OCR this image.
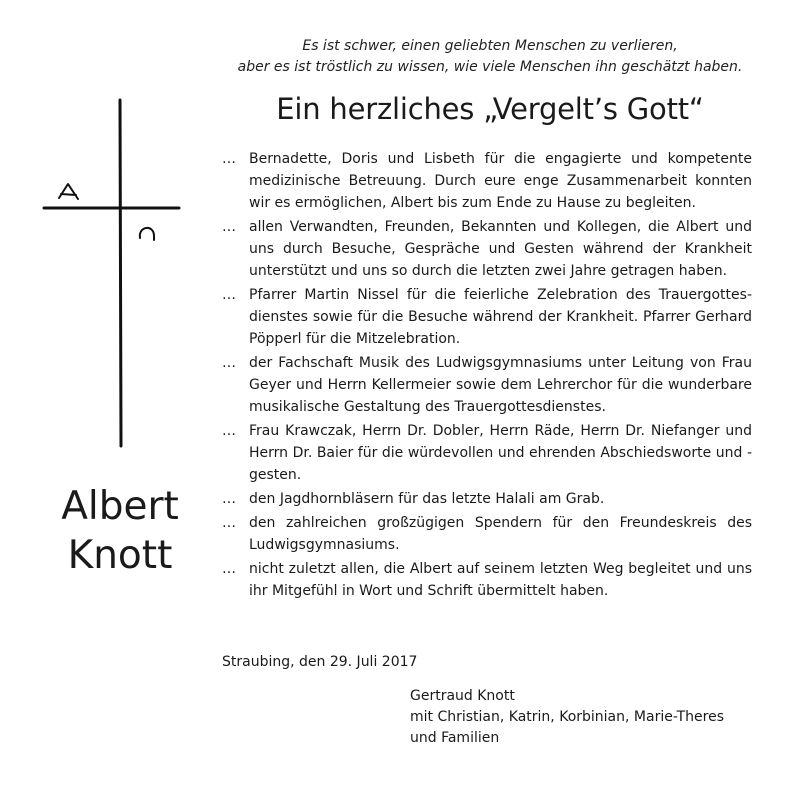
Es ist schwer, einen geliebten Menschen zu verlieren,
aber es ist tröstlich zu wissen, wie viele Menschen ihn geschätzt haben.
Ein herzliches „Vergelt’s Gott“
Albert
Knott
… Bernadette, Doris und Lisbeth für die engagierte und kompetente medizinische Betreuung. Durch eure enge Zusammenarbeit konnten wir es ermöglichen, Albert bis zum Ende zu Hause zu begleiten.
… allen Verwandten, Freunden, Bekannten und Kollegen, die Albert und uns durch Besuche, Gespräche und Gesten während der Krankheit unterstützt und uns so durch die letzten zwei Jahre getragen haben.
… Pfarrer Martin Nissel für die feierliche Zelebration des Trauergottesdienstes sowie für die Besuche während der Krankheit. Pfarrer Gerhard Pöpperl für die Mitzelebration.
… der Fachschaft Musik des Ludwigsgymnasiums unter Leitung von Frau Geyer und Herrn Kellermeier sowie dem Lehrerchor für die wunderbare musikalische Gestaltung des Trauergottesdienstes.
… Frau Krawczak, Herrn Dr. Dobler, Herrn Räde, Herrn Dr. Niefanger und Herrn Dr. Baier für die würdevollen und ehrenden Abschiedsworte und -gesten.
… den Jagdhornbläsern für das letzte Halali am Grab.
… den zahlreichen großzügigen Spendern für den Freundeskreis des Ludwigsgymnasiums.
… nicht zuletzt allen, die Albert auf seinem letzten Weg begleitet und uns ihr Mitgefühl in Wort und Schrift übermittelt haben.
Straubing, den 29. Juli 2017
Gertraud Knott
mit Christian, Katrin, Korbinian, Marie-Theres
und Familien
